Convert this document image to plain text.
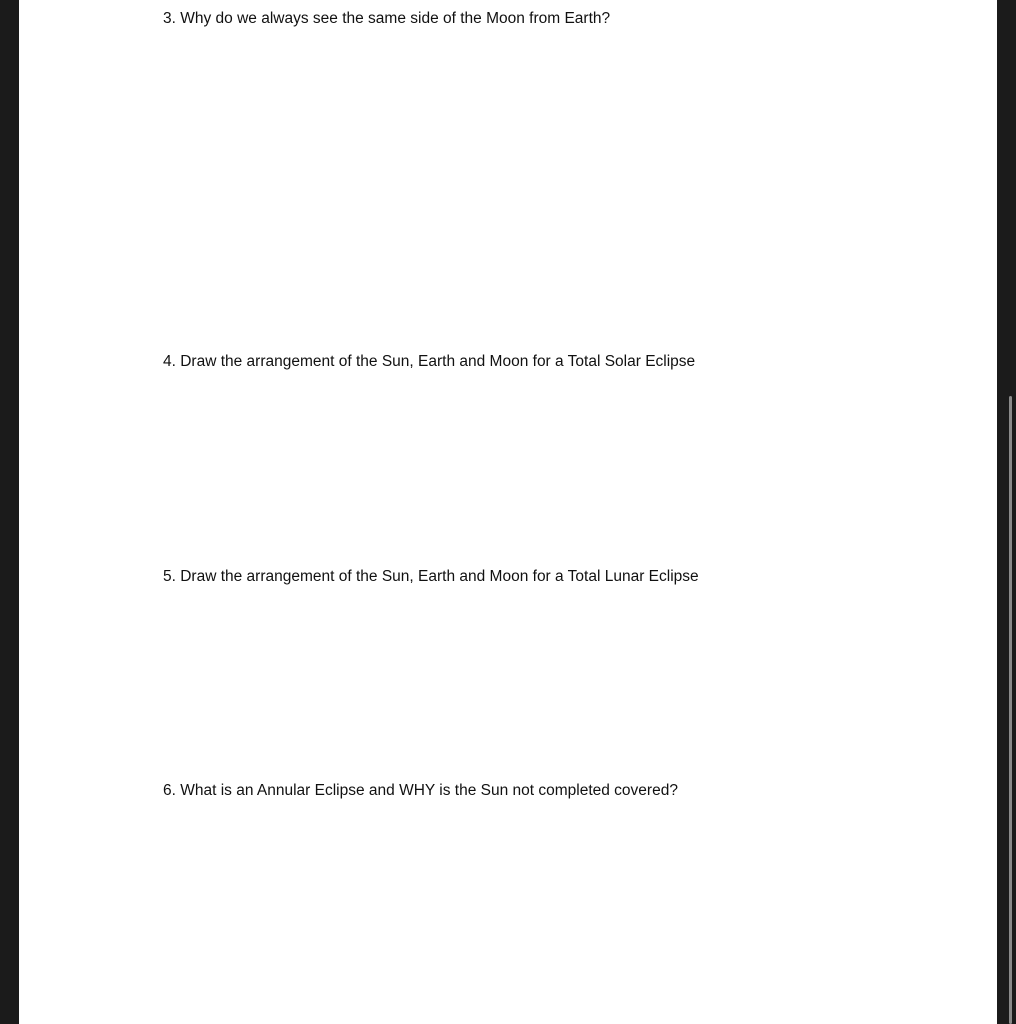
3. Why do we always see the same side of the Moon from Earth?

4. Draw the arrangement of the Sun, Earth and Moon for a Total Solar Eclipse

5. Draw the arrangement of the Sun, Earth and Moon for a Total Lunar Eclipse

6. What is an Annular Eclipse and WHY is the Sun not completed covered?
